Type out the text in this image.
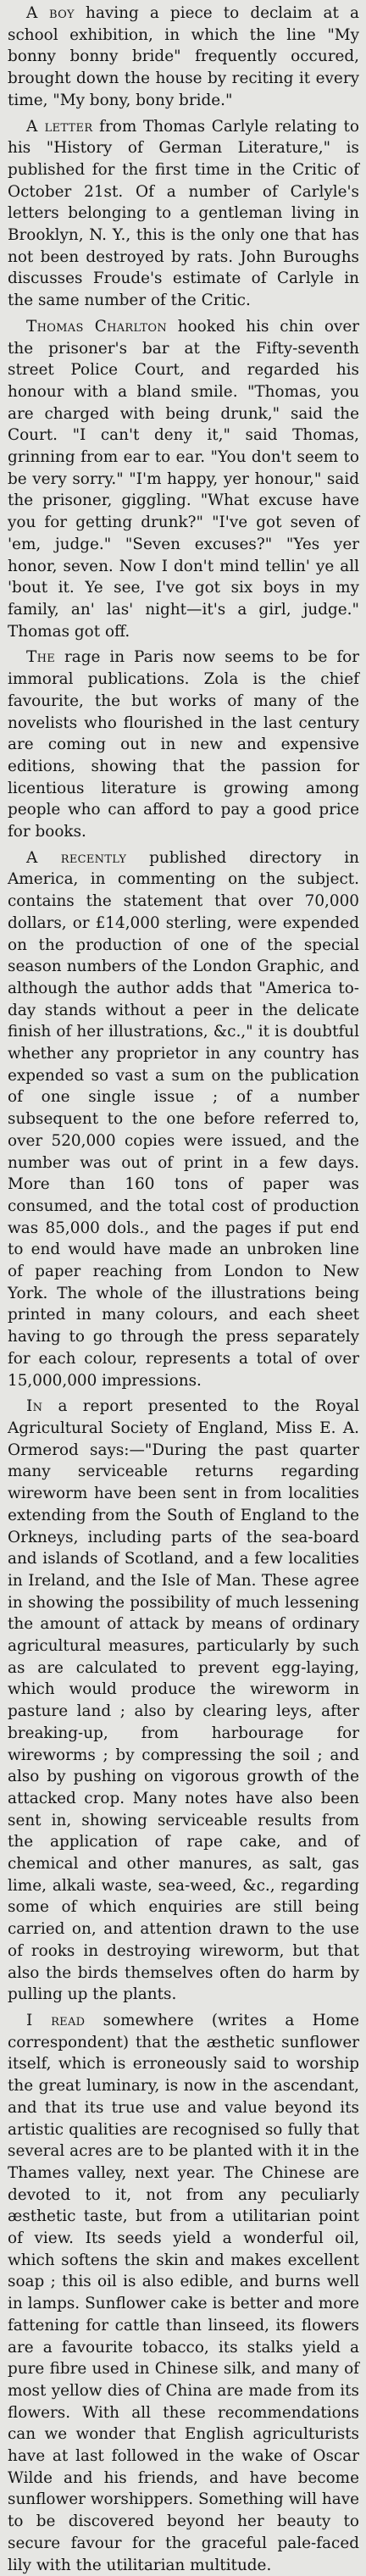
A boy having a piece to declaim at a school exhibition, in which the line "My bonny bonny bride" frequently occured, brought down the house by reciting it every time, "My bony, bony bride."

A letter from Thomas Carlyle relating to his "History of German Literature," is published for the first time in the Critic of October 21st. Of a number of Carlyle's letters belonging to a gentleman living in Brooklyn, N. Y., this is the only one that has not been destroyed by rats. John Buroughs discusses Froude's estimate of Carlyle in the same number of the Critic.

Thomas Charlton hooked his chin over the prisoner's bar at the Fifty-seventh street Police Court, and regarded his honour with a bland smile. "Thomas, you are charged with being drunk," said the Court. "I can't deny it," said Thomas, grinning from ear to ear. "You don't seem to be very sorry." "I'm happy, yer honour," said the prisoner, giggling. "What excuse have you for getting drunk?" "I've got seven of 'em, judge." "Seven excuses?" "Yes yer honor, seven. Now I don't mind tellin' ye all 'bout it. Ye see, I've got six boys in my family, an' las' night—it's a girl, judge." Thomas got off.

The rage in Paris now seems to be for immoral publications. Zola is the chief favourite, the but works of many of the novelists who flourished in the last century are coming out in new and expensive editions, showing that the passion for licentious literature is growing among people who can afford to pay a good price for books.

A recently published directory in America, in commenting on the subject. contains the statement that over 70,000 dollars, or £14,000 sterling, were expended on the production of one of the special season numbers of the London Graphic, and although the author adds that "America to-day stands without a peer in the delicate finish of her illustrations, &c.," it is doubtful whether any proprietor in any country has expended so vast a sum on the publication of one single issue ; of a number subsequent to the one before referred to, over 520,000 copies were issued, and the number was out of print in a few days. More than 160 tons of paper was consumed, and the total cost of production was 85,000 dols., and the pages if put end to end would have made an unbroken line of paper reaching from London to New York. The whole of the illustrations being printed in many colours, and each sheet having to go through the press separately for each colour, represents a total of over 15,000,000 impressions.

In a report presented to the Royal Agricultural Society of England, Miss E. A. Ormerod says:—"During the past quarter many serviceable returns regarding wireworm have been sent in from localities extending from the South of England to the Orkneys, including parts of the sea-board and islands of Scotland, and a few localities in Ireland, and the Isle of Man. These agree in showing the possibility of much lessening the amount of attack by means of ordinary agricultural measures, particularly by such as are calculated to prevent egg-laying, which would produce the wireworm in pasture land ; also by clearing leys, after breaking-up, from harbourage for wireworms ; by compressing the soil ; and also by pushing on vigorous growth of the attacked crop. Many notes have also been sent in, showing serviceable results from the application of rape cake, and of chemical and other manures, as salt, gas lime, alkali waste, sea-weed, &c., regarding some of which enquiries are still being carried on, and attention drawn to the use of rooks in destroying wireworm, but that also the birds themselves often do harm by pulling up the plants.

I read somewhere (writes a Home correspondent) that the æsthetic sunflower itself, which is erroneously said to worship the great luminary, is now in the ascendant, and that its true use and value beyond its artistic qualities are recognised so fully that several acres are to be planted with it in the Thames valley, next year. The Chinese are devoted to it, not from any peculiarly æsthetic taste, but from a utilitarian point of view. Its seeds yield a wonderful oil, which softens the skin and makes excellent soap ; this oil is also edible, and burns well in lamps. Sunflower cake is better and more fattening for cattle than linseed, its flowers are a favourite tobacco, its stalks yield a pure fibre used in Chinese silk, and many of most yellow dies of China are made from its flowers. With all these recommendations can we wonder that English agriculturists have at last followed in the wake of Oscar Wilde and his friends, and have become sunflower worshippers. Something will have to be discovered beyond her beauty to secure favour for the graceful pale-faced lily with the utilitarian multitude.
